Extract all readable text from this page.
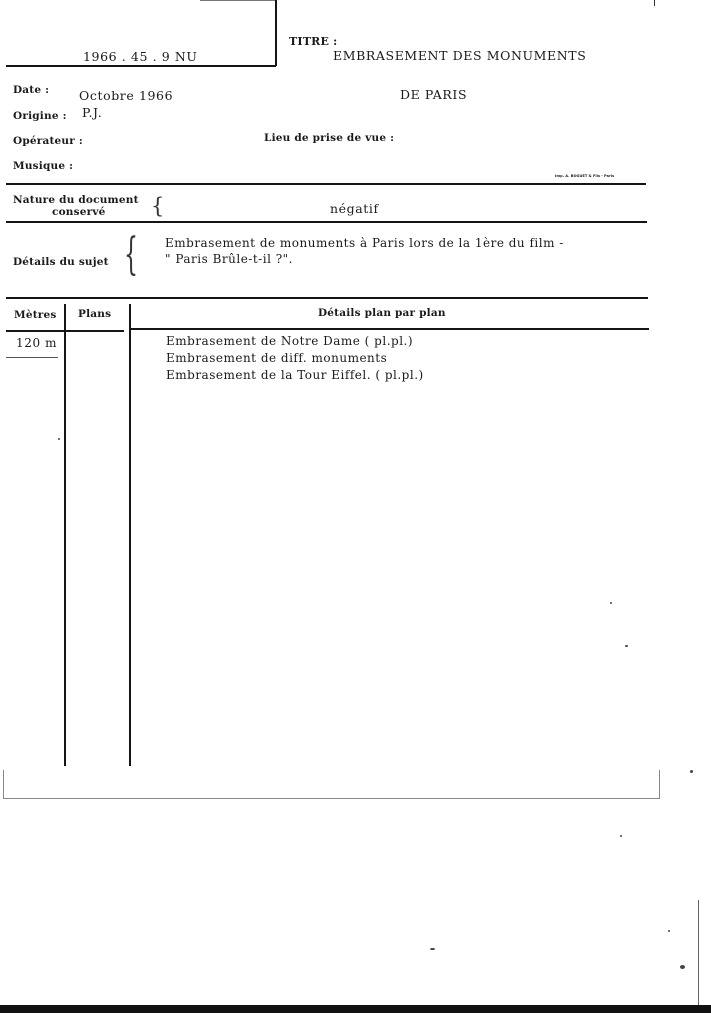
1966 . 45 . 9 NU
TITRE :
EMBRASEMENT DES MONUMENTS
DE PARIS
Date : Octobre 1966
Origine : P.J.
Opérateur :	Lieu de prise de vue :
Musique :
Imp. A. BOGUET & Fils - Paris
Nature du document
conservé {	négatif
Détails du sujet { Embrasement de monuments à Paris lors de la 1ère du film -
" Paris Brûle-t-il ?".
Mètres Plans	Détails plan par plan
120 m	Embrasement de Notre Dame ( pl.pl.)
Embrasement de diff. monuments
Embrasement de la Tour Eiffel. ( pl.pl.)
